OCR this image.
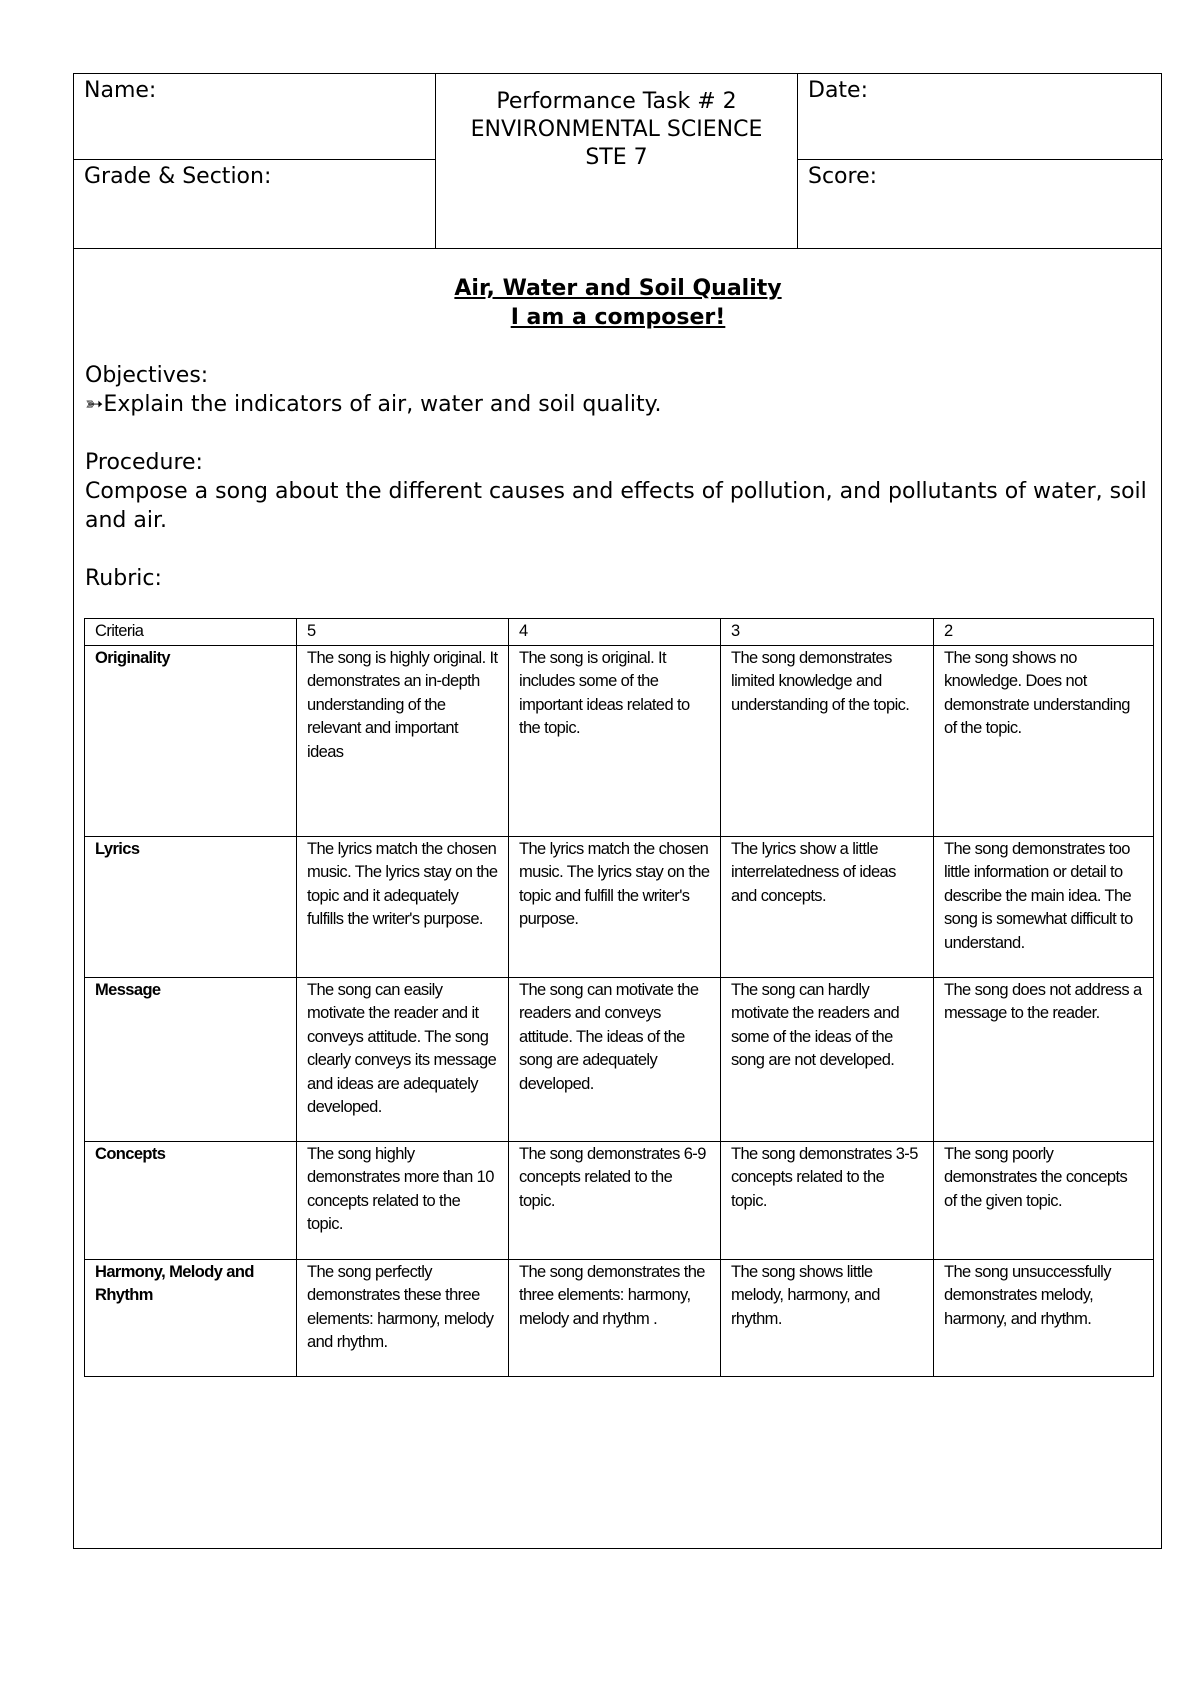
Name:
Grade & Section:
Performance Task # 2
ENVIRONMENTAL SCIENCE
STE 7
Date:
Score:
Air, Water and Soil Quality
I am a composer!
Objectives:
➳Explain the indicators of air, water and soil quality.
Procedure:
Compose a song about the different causes and effects of pollution, and pollutants of water, soil and air.
Rubric:
Criteria	5	4	3	2
Originality	The song is highly original. It demonstrates an in-depth understanding of the relevant and important ideas	The song is original. It includes some of the important ideas related to the topic.	The song demonstrates limited knowledge and understanding of the topic.	The song shows no knowledge. Does not demonstrate understanding of the topic.
Lyrics	The lyrics match the chosen music. The lyrics stay on the topic and it adequately fulfills the writer's purpose.	The lyrics match the chosen music. The lyrics stay on the topic and fulfill the writer's purpose.	The lyrics show a little interrelatedness of ideas and concepts.	The song demonstrates too little information or detail to describe the main idea. The song is somewhat difficult to understand.
Message	The song can easily motivate the reader and it conveys attitude. The song clearly conveys its message and ideas are adequately developed.	The song can motivate the readers and conveys attitude. The ideas of the song are adequately developed.	The song can hardly motivate the readers and some of the ideas of the song are not developed.	The song does not address a message to the reader.
Concepts	The song highly demonstrates more than 10 concepts related to the topic.	The song demonstrates 6-9 concepts related to the topic.	The song demonstrates 3-5 concepts related to the topic.	The song poorly demonstrates the concepts of the given topic.
Harmony, Melody and Rhythm	The song perfectly demonstrates these three elements: harmony, melody and rhythm.	The song demonstrates the three elements: harmony, melody and rhythm .	The song shows little melody, harmony, and rhythm.	The song unsuccessfully demonstrates melody, harmony, and rhythm.
